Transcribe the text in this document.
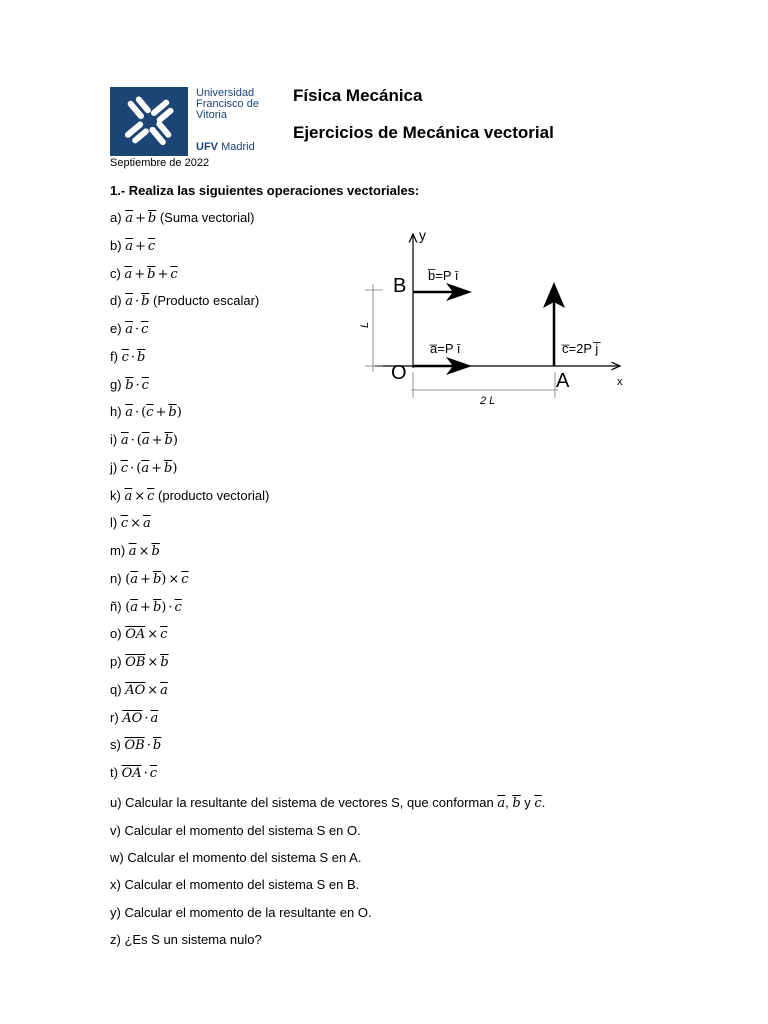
Universidad
Francisco de
Vitoria
UFV Madrid
Septiembre de 2022
Física Mecánica
Ejercicios de Mecánica vectorial
1.- Realiza las siguientes operaciones vectoriales:
a) $\overline{a} + \overline{b}$ (Suma vectorial)
b) $\overline{a} + \overline{c}$
c) $\overline{a} + \overline{b} + \overline{c}$
d) $\overline{a} \cdot \overline{b}$ (Producto escalar)
e) $\overline{a} \cdot \overline{c}$
f) $\overline{c} \cdot \overline{b}$
g) $\overline{b} \cdot \overline{c}$
h) $\overline{a} \cdot (\overline{c} + \overline{b})$
i) $\overline{a} \cdot (\overline{a} + \overline{b})$
j) $\overline{c} \cdot (\overline{a} + \overline{b})$
k) $\overline{a} \times \overline{c}$ (producto vectorial)
l) $\overline{c} \times \overline{a}$
m) $\overline{a} \times \overline{b}$
n) $(\overline{a} + \overline{b}) \times \overline{c}$
ñ) $(\overline{a} + \overline{b}) \cdot \overline{c}$
o) $\overline{OA} \times \overline{c}$
p) $\overline{OB} \times \overline{b}$
q) $\overline{AO} \times \overline{a}$
r) $\overline{AO} \cdot \overline{a}$
s) $\overline{OB} \cdot \overline{b}$
t) $\overline{OA} \cdot \overline{c}$
u) Calcular la resultante del sistema de vectores S, que conforman $\overline{a}$, $\overline{b}$ y $\overline{c}$.
v) Calcular el momento del sistema S en O.
w) Calcular el momento del sistema S en A.
x) Calcular el momento del sistema S en B.
y) Calcular el momento de la resultante en O.
z) ¿Es S un sistema nulo?
y
x
L
2 L
B
O	A
b̅=P ī
a̅=P ī	c̅=2P j̅
